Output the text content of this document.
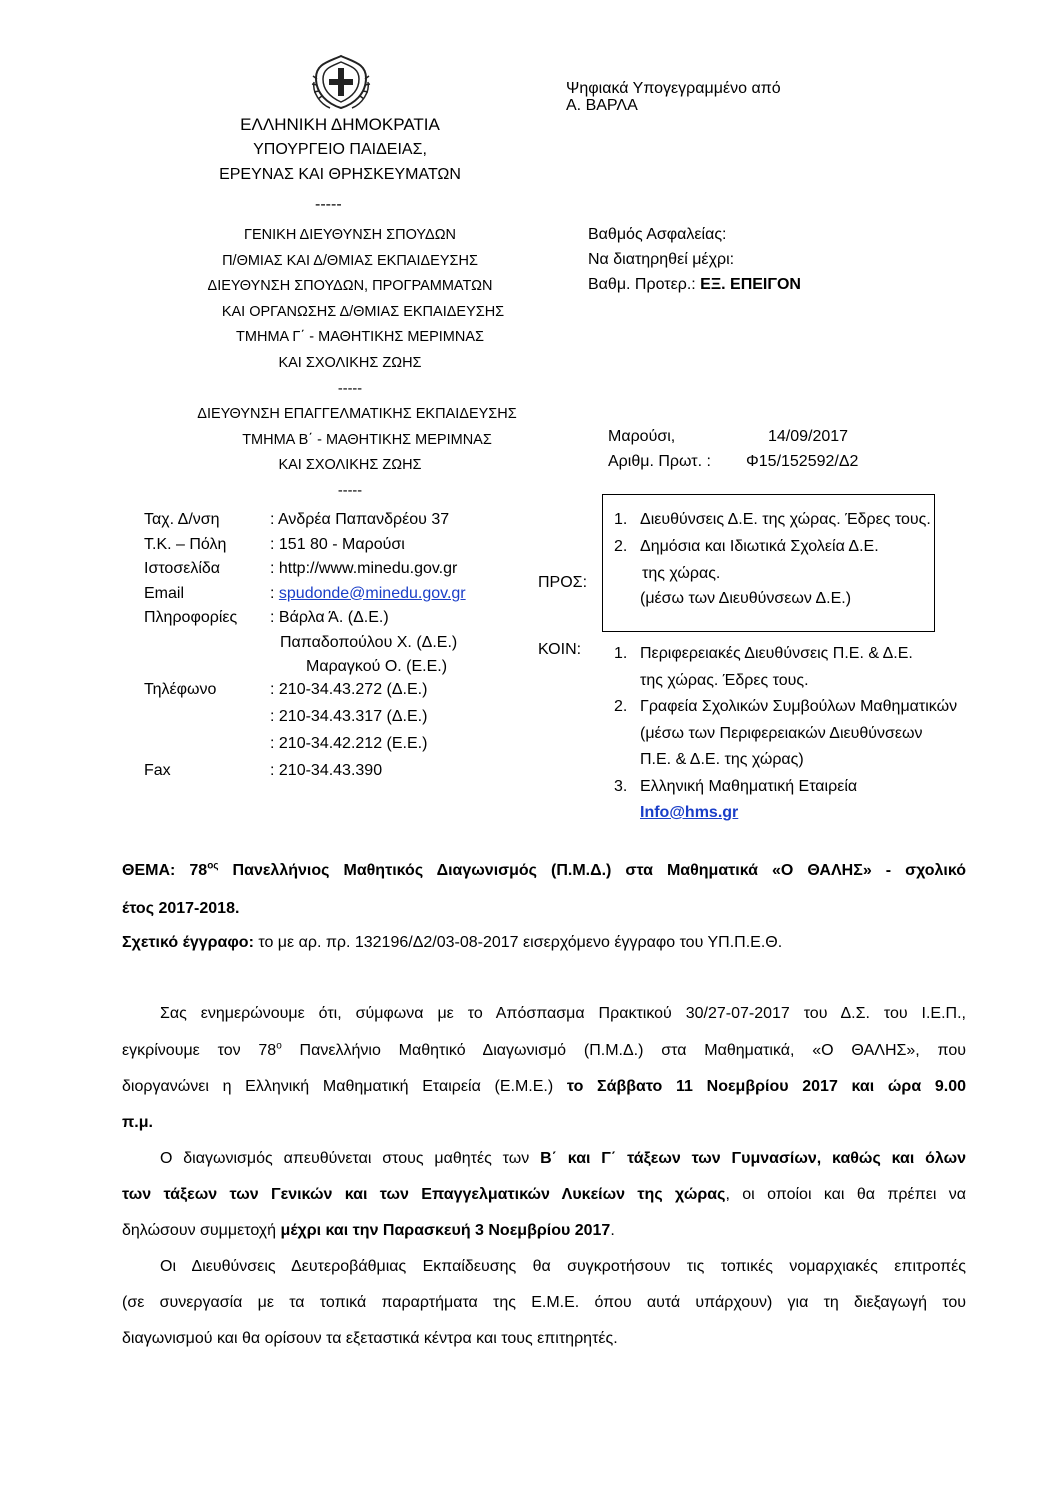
Ψηφιακά Υπογεγραμμένο από
Α. ΒΑΡΛΑ
ΕΛΛΗΝΙΚΗ ΔΗΜΟΚΡΑΤΙΑ
ΥΠΟΥΡΓΕΙΟ ΠΑΙΔΕΙΑΣ,
ΕΡΕΥΝΑΣ ΚΑΙ ΘΡΗΣΚΕΥΜΑΤΩΝ
-----
ΓΕΝΙΚΗ ΔΙΕΥΘΥΝΣΗ ΣΠΟΥΔΩΝ
Π/ΘΜΙΑΣ ΚΑΙ Δ/ΘΜΙΑΣ ΕΚΠΑΙΔΕΥΣΗΣ
ΔΙΕΥΘΥΝΣΗ ΣΠΟΥΔΩΝ, ΠΡΟΓΡΑΜΜΑΤΩΝ
ΚΑΙ ΟΡΓΑΝΩΣΗΣ Δ/ΘΜΙΑΣ ΕΚΠΑΙΔΕΥΣΗΣ
ΤΜΗΜΑ Γ΄ - ΜΑΘΗΤΙΚΗΣ ΜΕΡΙΜΝΑΣ
ΚΑΙ ΣΧΟΛΙΚΗΣ ΖΩΗΣ
-----
ΔΙΕΥΘΥΝΣΗ ΕΠΑΓΓΕΛΜΑΤΙΚΗΣ ΕΚΠΑΙΔΕΥΣΗΣ
ΤΜΗΜΑ Β΄ - ΜΑΘΗΤΙΚΗΣ ΜΕΡΙΜΝΑΣ
ΚΑΙ ΣΧΟΛΙΚΗΣ ΖΩΗΣ
-----
Βαθμός Ασφαλείας:
Να διατηρηθεί μέχρι:
Βαθμ. Προτερ.: ΕΞ. ΕΠΕΙΓΟΝ
Μαρούσι,	14/09/2017
Αριθμ. Πρωτ. : Φ15/152592/Δ2
Ταχ. Δ/νση
Τ.Κ. – Πόλη
Ιστοσελίδα
Email
Πληροφορίες
: Ανδρέα Παπανδρέου 37
: 151 80 - Μαρούσι
: http://www.minedu.gov.gr
: spudonde@minedu.gov.gr
: Βάρλα Ά. (Δ.Ε.)
Παπαδοπούλου Χ. (Δ.Ε.)
Μαραγκού Ο. (Ε.Ε.)
Τηλέφωνο

Fax
: 210-34.43.272 (Δ.Ε.)
: 210-34.43.317 (Δ.Ε.)
: 210-34.42.212 (Ε.Ε.)
: 210-34.43.390
ΠΡΟΣ:
1. Διευθύνσεις Δ.Ε. της χώρας. Έδρες τους.
2. Δημόσια και Ιδιωτικά Σχολεία Δ.Ε.
της χώρας.
(μέσω των Διευθύνσεων Δ.Ε.)
ΚΟΙΝ: 1. Περιφερειακές Διευθύνσεις Π.Ε. & Δ.Ε.
της χώρας. Έδρες τους.
2. Γραφεία Σχολικών Συμβούλων Μαθηματικών
(μέσω των Περιφερειακών Διευθύνσεων
Π.Ε. & Δ.Ε. της χώρας)
3. Ελληνική Μαθηματική Εταιρεία
Info@hms.gr
ΘΕΜΑ: $78^{o\varsigma}$ Πανελλήνιος Μαθητικός Διαγωνισμός (Π.Μ.Δ.) στα Μαθηματικά «Ο ΘΑΛΗΣ» - σχολικό
έτος 2017-2018.
Σχετικό έγγραφο: το με αρ. πρ. 132196/Δ2/03-08-2017 εισερχόμενο έγγραφο του ΥΠ.Π.Ε.Θ.
Σας ενημερώνουμε ότι, σύμφωνα με το Απόσπασμα Πρακτικού 30/27-07-2017 του Δ.Σ. του Ι.Ε.Π.,
εγκρίνουμε τον $78^o$ Πανελλήνιο Μαθητικό Διαγωνισμό (Π.Μ.Δ.) στα Μαθηματικά, «Ο ΘΑΛΗΣ», που
διοργανώνει η Ελληνική Μαθηματική Εταιρεία (Ε.Μ.Ε.) το Σάββατο 11 Νοεμβρίου 2017 και ώρα 9.00
π.μ.
Ο διαγωνισμός απευθύνεται στους μαθητές των Β΄ και Γ΄ τάξεων των Γυμνασίων, καθώς και όλων
των τάξεων των Γενικών και των Επαγγελματικών Λυκείων της χώρας, οι οποίοι και θα πρέπει να
δηλώσουν συμμετοχή μέχρι και την Παρασκευή 3 Νοεμβρίου 2017.
Οι Διευθύνσεις Δευτεροβάθμιας Εκπαίδευσης θα συγκροτήσουν τις τοπικές νομαρχιακές επιτροπές
(σε συνεργασία με τα τοπικά παραρτήματα της Ε.Μ.Ε. όπου αυτά υπάρχουν) για τη διεξαγωγή του
διαγωνισμού και θα ορίσουν τα εξεταστικά κέντρα και τους επιτηρητές.
